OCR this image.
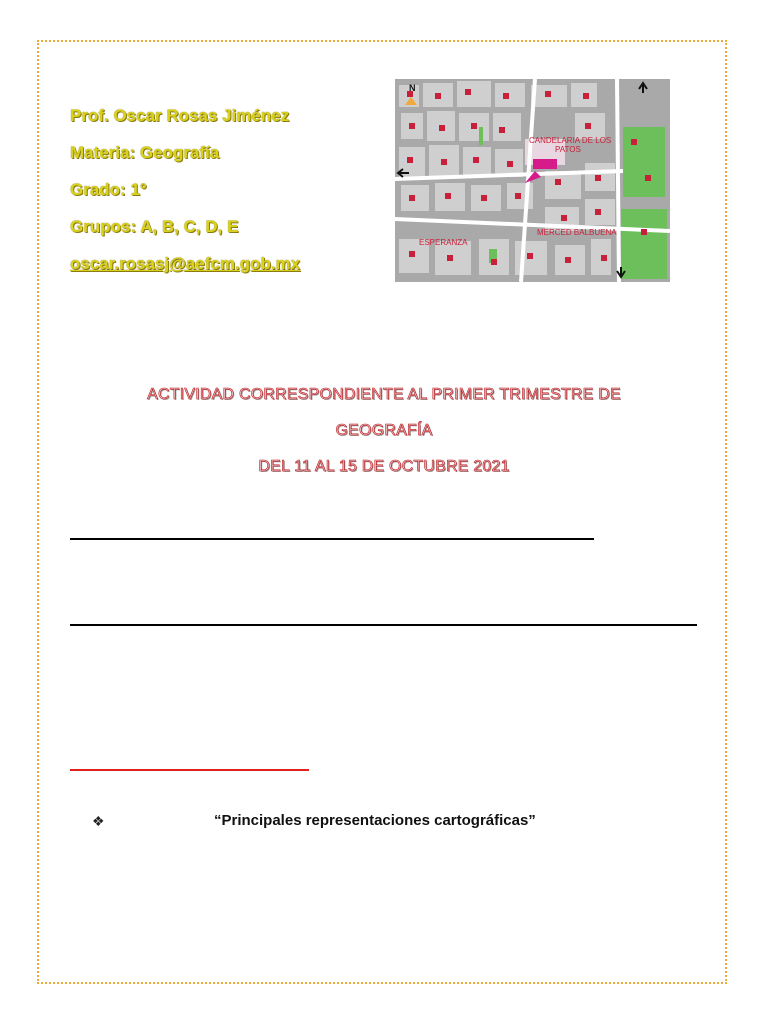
Prof. Oscar Rosas Jiménez
Materia: Geografía
Grado: 1°
Grupos: A, B, C, D, E
oscar.rosasj@aefcm.gob.mx
CANDELARIA DE LOS
PATOS
MERCED BALBUENA
ESPERANZA
N
ACTIVIDAD CORRESPONDIENTE AL PRIMER TRIMESTRE DE
GEOGRAFÍA
DEL 11 AL 15 DE OCTUBRE 2021
❖	“Principales representaciones cartográficas”
